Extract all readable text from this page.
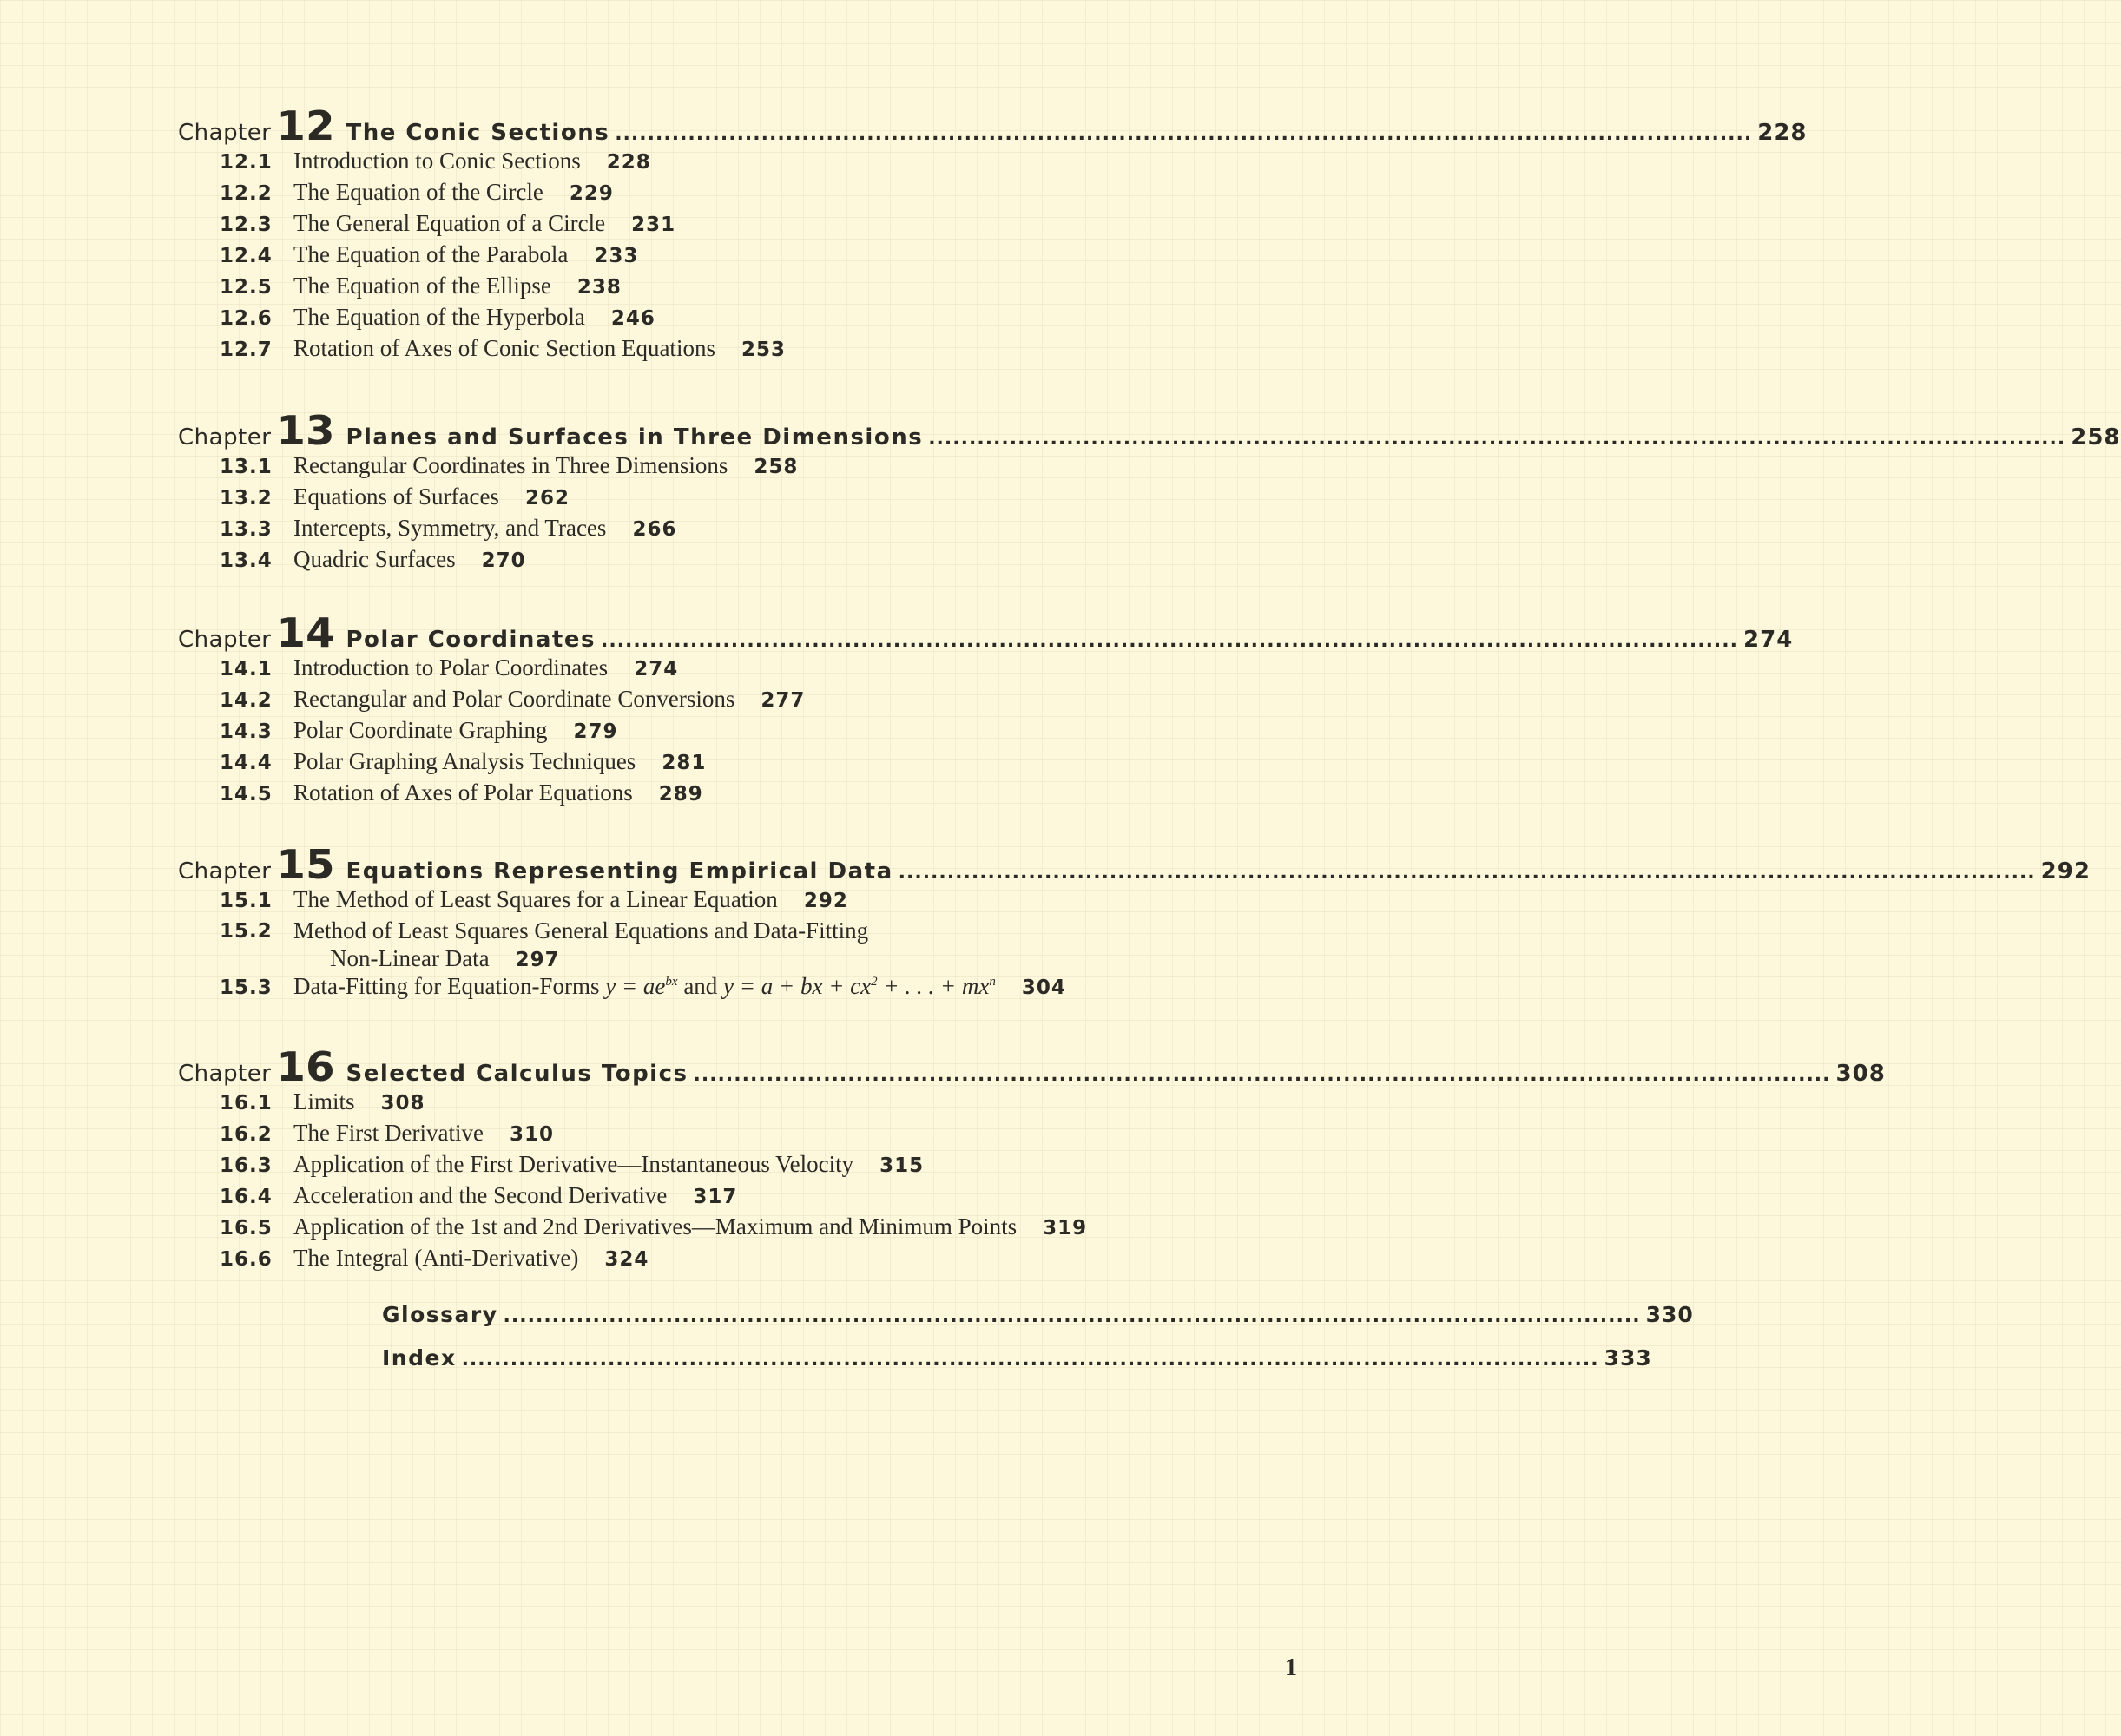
Chapter 12 The Conic Sections ............................................................................................................................................ 228
12.1 Introduction to Conic Sections 228
12.2 The Equation of the Circle 229
12.3 The General Equation of a Circle 231
12.4 The Equation of the Parabola 233
12.5 The Equation of the Ellipse 238
12.6 The Equation of the Hyperbola 246
12.7 Rotation of Axes of Conic Section Equations 253
Chapter 13 Planes and Surfaces in Three Dimensions ............................................................................................................................................ 258
13.1 Rectangular Coordinates in Three Dimensions 258
13.2 Equations of Surfaces 262
13.3 Intercepts, Symmetry, and Traces 266
13.4 Quadric Surfaces 270
Chapter 14 Polar Coordinates ............................................................................................................................................ 274
14.1 Introduction to Polar Coordinates 274
14.2 Rectangular and Polar Coordinate Conversions 277
14.3 Polar Coordinate Graphing 279
14.4 Polar Graphing Analysis Techniques 281
14.5 Rotation of Axes of Polar Equations 289
Chapter 15 Equations Representing Empirical Data ............................................................................................................................................ 292
15.1 The Method of Least Squares for a Linear Equation 292
15.2 Method of Least Squares General Equations and Data-Fitting
Non-Linear Data 297
15.3 Data-Fitting for Equation-Forms $y = ae^{bx}$ and y = a + bx + $cx^2$ + . . . + $mx^n$ 304
Chapter 16 Selected Calculus Topics ............................................................................................................................................ 308
16.1 Limits 308
16.2 The First Derivative 310
16.3 Application of the First Derivative—Instantaneous Velocity 315
16.4 Acceleration and the Second Derivative 317
16.5 Application of the 1st and 2nd Derivatives—Maximum and Minimum Points 319
16.6 The Integral (Anti-Derivative) 324
Glossary ............................................................................................................................................ 330
Index ............................................................................................................................................ 333
1
